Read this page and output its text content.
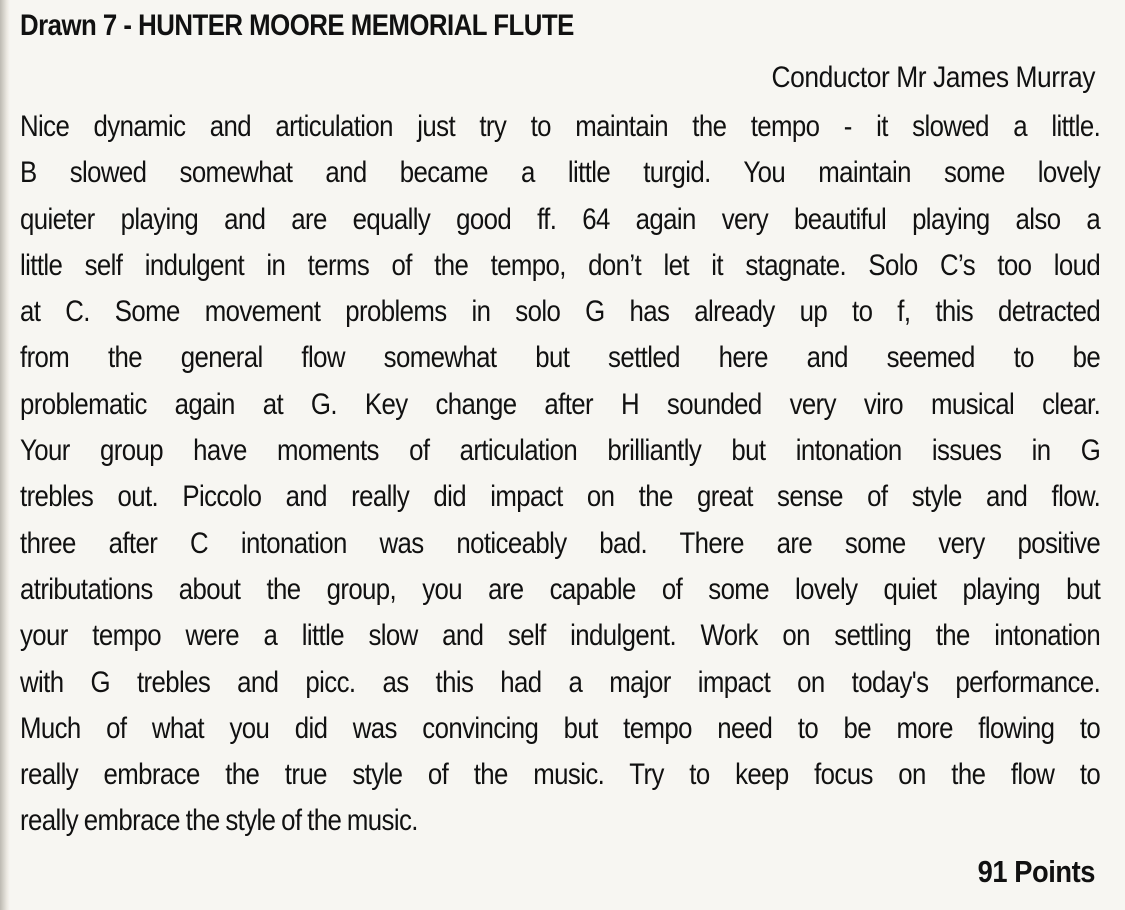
Drawn 7 - HUNTER MOORE MEMORIAL FLUTE
Conductor Mr James Murray
Nice dynamic and articulation just try to maintain the tempo - it slowed a little.
B slowed somewhat and became a little turgid. You maintain some lovely
quieter playing and are equally good ff. 64 again very beautiful playing also a
little self indulgent in terms of the tempo, don’t let it stagnate. Solo C’s too loud
at C. Some movement problems in solo G has already up to f, this detracted
from the general flow somewhat but settled here and seemed to be
problematic again at G. Key change after H sounded very viro musical clear.
Your group have moments of articulation brilliantly but intonation issues in G
trebles out. Piccolo and really did impact on the great sense of style and flow.
three after C intonation was noticeably bad. There are some very positive
atributations about the group, you are capable of some lovely quiet playing but
your tempo were a little slow and self indulgent. Work on settling the intonation
with G trebles and picc. as this had a major impact on today's performance.
Much of what you did was convincing but tempo need to be more flowing to
really embrace the true style of the music. Try to keep focus on the flow to
really embrace the style of the music.
91 Points
